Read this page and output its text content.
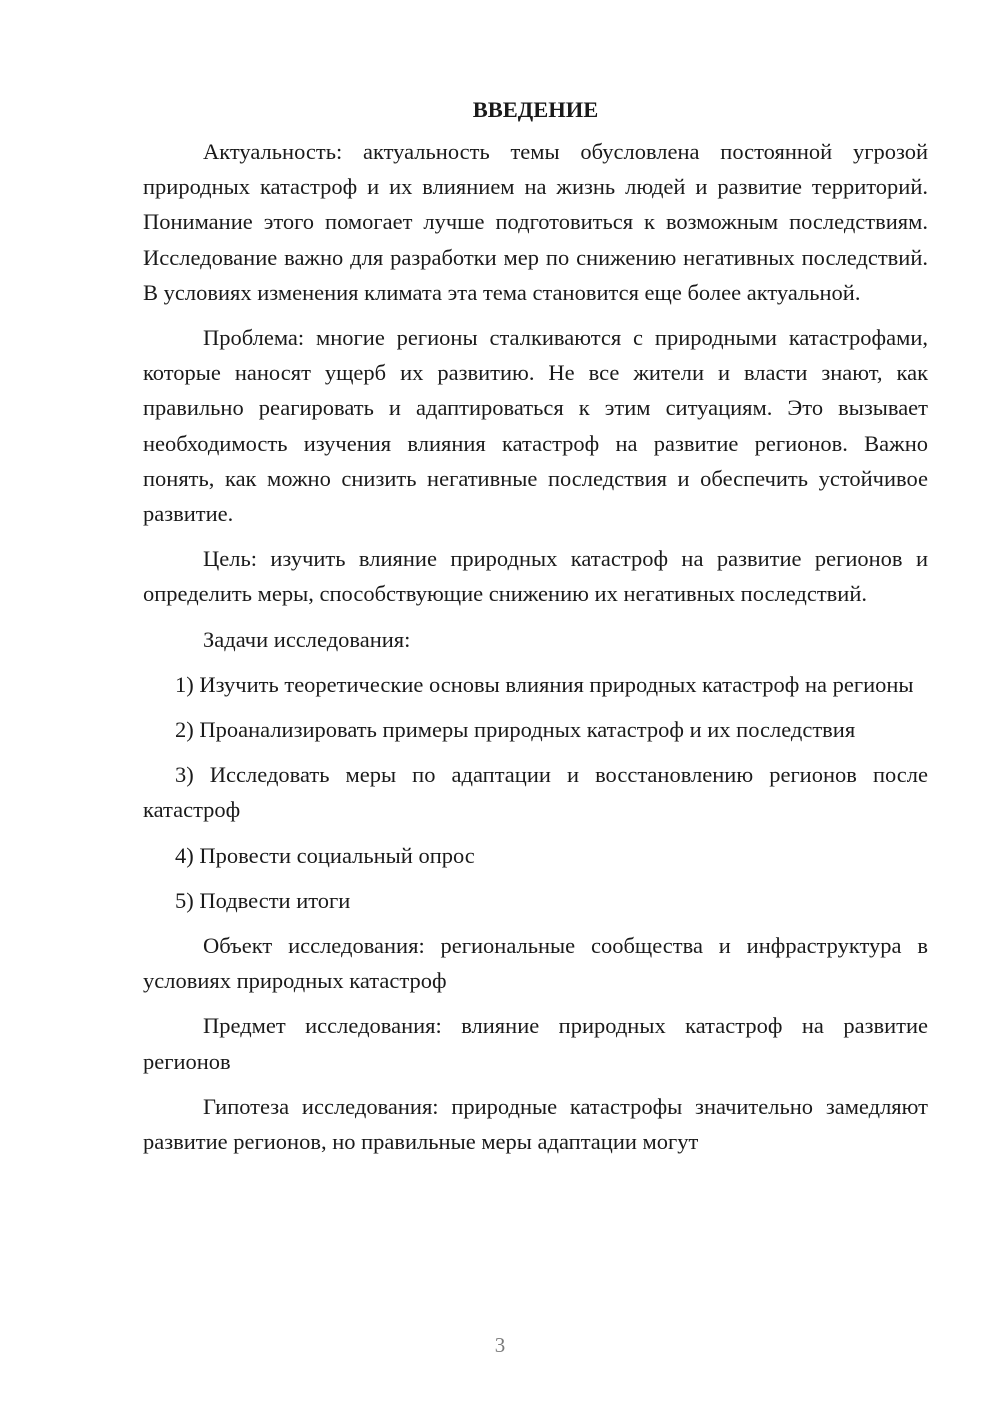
ВВЕДЕНИЕ

Актуальность: актуальность темы обусловлена постоянной угрозой природных катастроф и их влиянием на жизнь людей и развитие территорий. Понимание этого помогает лучше подготовиться к возможным последствиям. Исследование важно для разработки мер по снижению негативных последствий. В условиях изменения климата эта тема становится еще более актуальной.

Проблема: многие регионы сталкиваются с природными катастрофами, которые наносят ущерб их развитию. Не все жители и власти знают, как правильно реагировать и адаптироваться к этим ситуациям. Это вызывает необходимость изучения влияния катастроф на развитие регионов. Важно понять, как можно снизить негативные последствия и обеспечить устойчивое развитие.

Цель: изучить влияние природных катастроф на развитие регионов и определить меры, способствующие снижению их негативных последствий.

Задачи исследования:

1) Изучить теоретические основы влияния природных катастроф на регионы

2) Проанализировать примеры природных катастроф и их последствия

3) Исследовать меры по адаптации и восстановлению регионов после катастроф

4) Провести социальный опрос

5) Подвести итоги

Объект исследования: региональные сообщества и инфраструктура в условиях природных катастроф

Предмет исследования: влияние природных катастроф на развитие регионов

Гипотеза исследования: природные катастрофы значительно замедляют развитие регионов, но правильные меры адаптации могут

3
